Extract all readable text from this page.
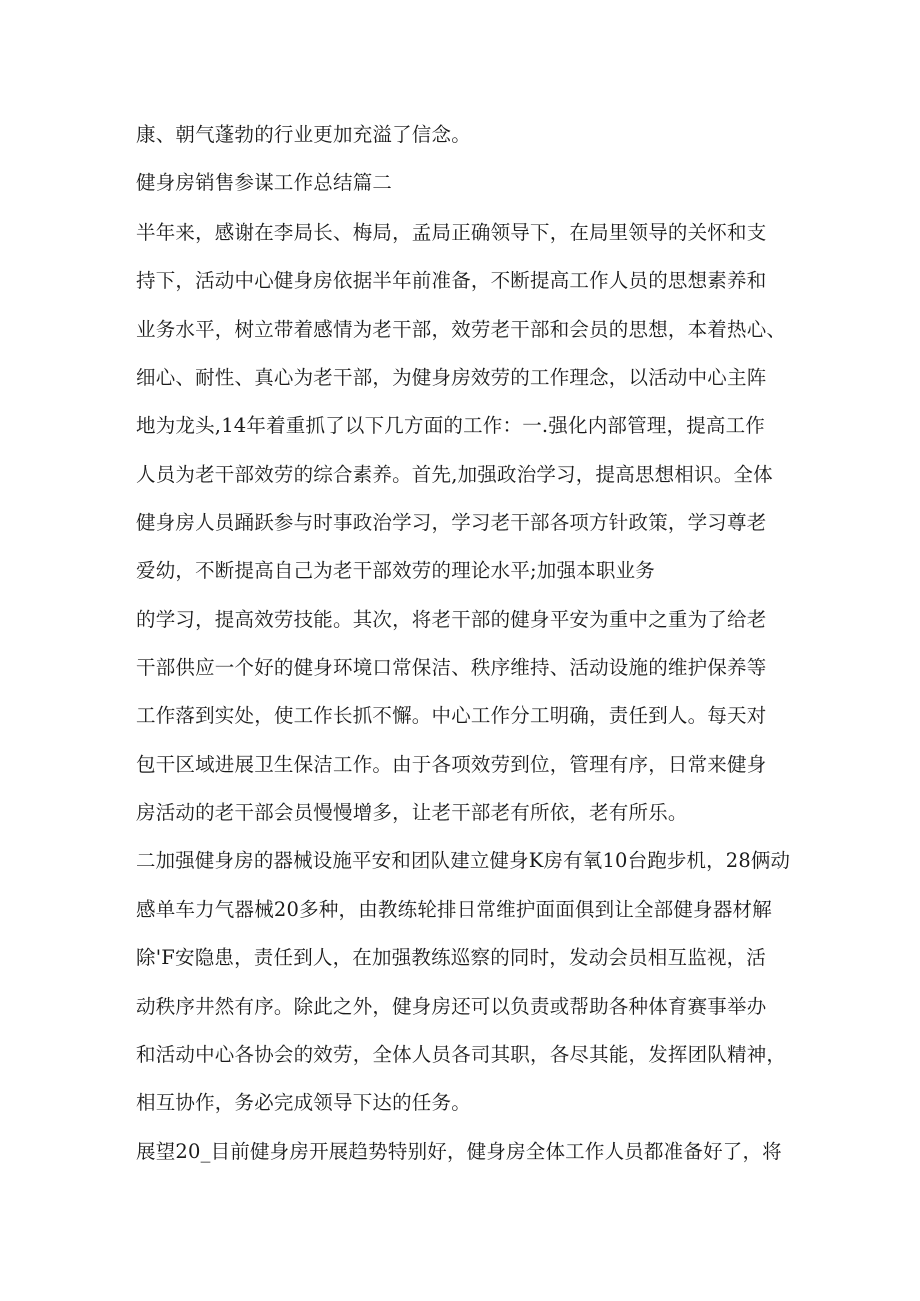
康、朝气蓬勃的行业更加充溢了信念。
健身房销售参谋工作总结篇二
半年来，感谢在李局长、梅局，孟局正确领导下，在局里领导的关怀和支
持下，活动中心健身房依据半年前准备，不断提高工作人员的思想素养和
业务水平，树立带着感情为老干部，效劳老干部和会员的思想，本着热心、
细心、耐性、真心为老干部，为健身房效劳的工作理念，以活动中心主阵
地为龙头,14年着重抓了以下几方面的工作：一.强化内部管理，提高工作
人员为老干部效劳的综合素养。首先,加强政治学习，提高思想相识。全体
健身房人员踊跃参与时事政治学习，学习老干部各项方针政策，学习尊老
爱幼，不断提高自己为老干部效劳的理论水平;加强本职业务
的学习，提高效劳技能。其次，将老干部的健身平安为重中之重为了给老
干部供应一个好的健身环境口常保洁、秩序维持、活动设施的维护保养等
工作落到实处，使工作长抓不懈。中心工作分工明确，责任到人。每天对
包干区域进展卫生保洁工作。由于各项效劳到位，管理有序，日常来健身
房活动的老干部会员慢慢增多，让老干部老有所依，老有所乐。
二加强健身房的器械设施平安和团队建立健身K房有氧10台跑步机，28俩动
感单车力气器械20多种，由教练轮排日常维护面面俱到让全部健身器材解
除'F安隐患，责任到人，在加强教练巡察的同时，发动会员相互监视，活
动秩序井然有序。除此之外，健身房还可以负责或帮助各种体育赛事举办
和活动中心各协会的效劳，全体人员各司其职，各尽其能，发挥团队精神，
相互协作，务必完成领导下达的任务。
展望20_目前健身房开展趋势特别好，健身房全体工作人员都准备好了，将
